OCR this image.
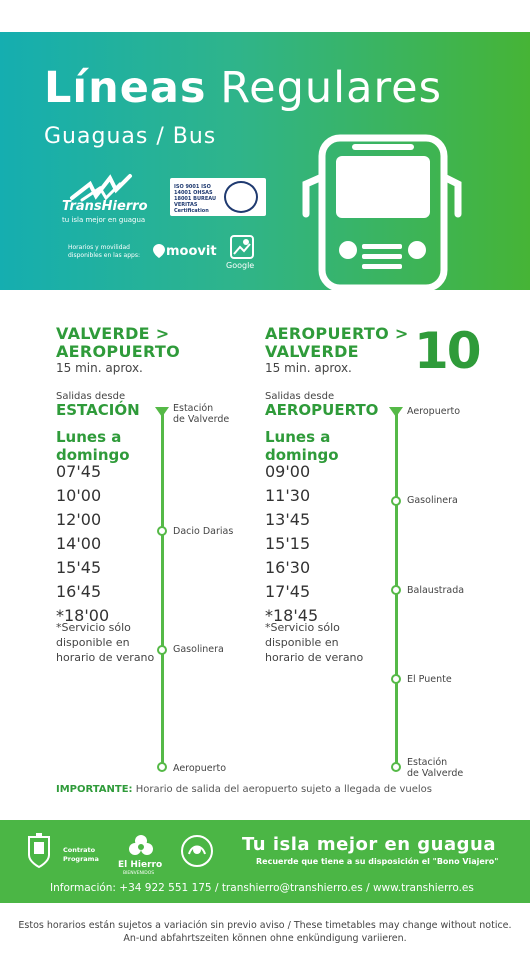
Líneas Regulares
Guaguas / Bus
TransHierro
tu isla mejor en guagua
ISO 9001 ISO 14001 OHSAS 18001 BUREAU VERITAS Certification
Horarios y movilidad disponibles en las apps:	moovit
Google
10
VALVERDE >
AEROPUERTO
15 min. aprox.
Salidas desde
ESTACIÓN
Lunes a
domingo
07'45
10'00
12'00
14'00
15'45
16'45
*18'00
*Servicio sólo
disponible en
horario de verano
Estación
de Valverde
Dacio Darias
Gasolinera
Aeropuerto
AEROPUERTO >
VALVERDE
15 min. aprox.
Salidas desde
AEROPUERTO
Lunes a
domingo
09'00
11'30
13'45
15'15
16'30
17'45
*18'45
*Servicio sólo
disponible en
horario de verano
Aeropuerto
Gasolinera
Balaustrada
El Puente
Estación
de Valverde
IMPORTANTE: Horario de salida del aeropuerto sujeto a llegada de vuelos
Contrato
Programa
El Hierro
BIENVENIDOS
Tu isla mejor en guagua
Recuerde que tiene a su disposición el "Bono Viajero"
Información: +34 922 551 175 / transhierro@transhierro.es / www.transhierro.es
Estos horarios están sujetos a variación sin previo aviso / These timetables may change without notice.
An-und abfahrtszeiten können ohne enkündigung variieren.
